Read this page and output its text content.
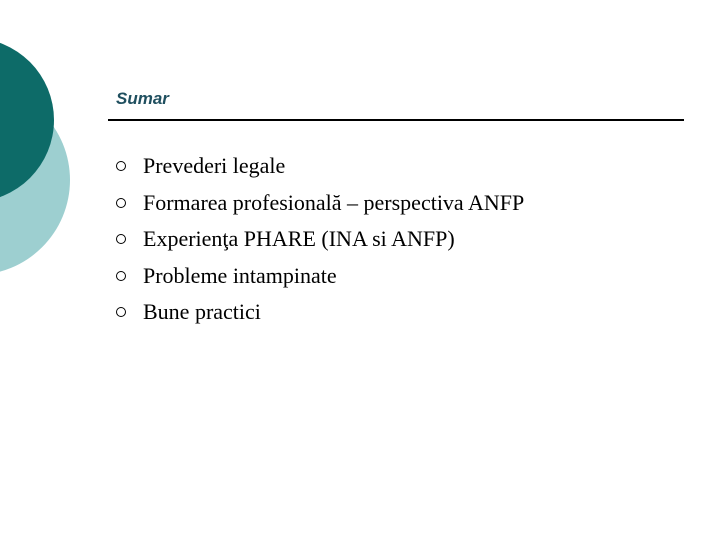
Sumar
Prevederi legale
Formarea profesională – perspectiva ANFP
Experienţa PHARE (INA si ANFP)
Probleme intampinate
Bune practici
